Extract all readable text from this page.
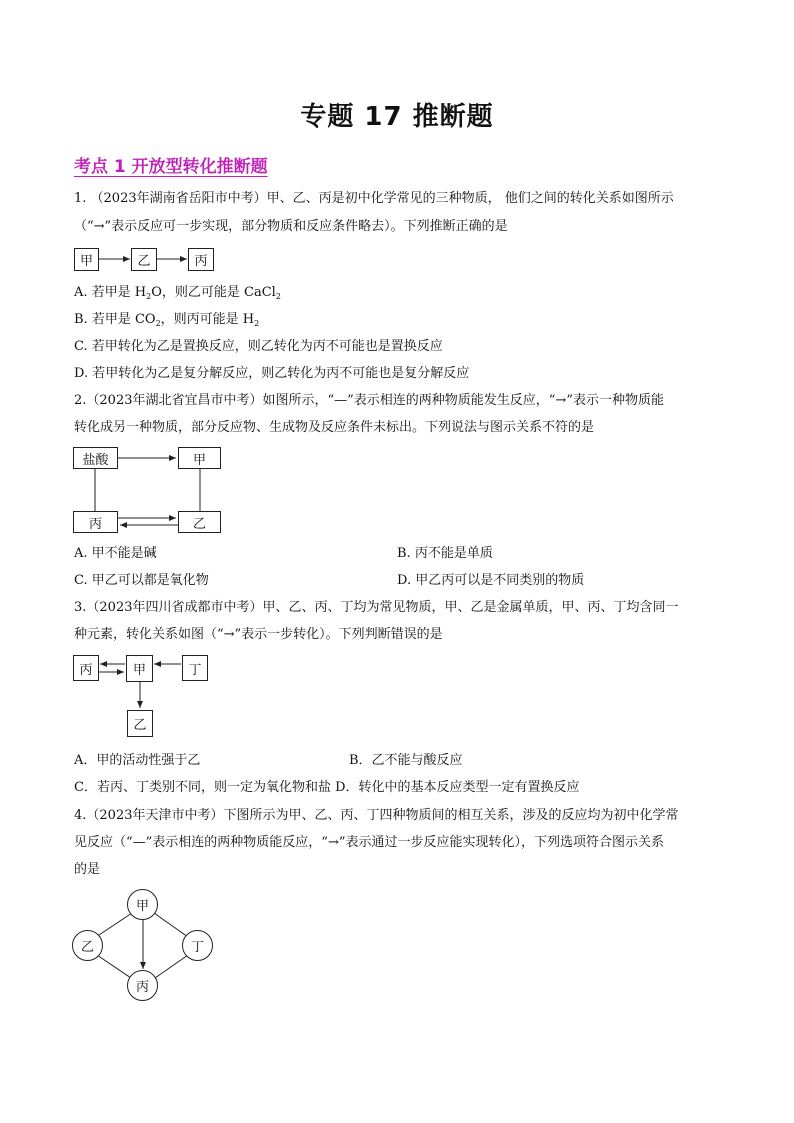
专题 17 推断题
考点 1 开放型转化推断题
1. （2023年湖南省岳阳市中考）甲、乙、丙是初中化学常见的三种物质， 他们之间的转化关系如图所示
（“→”表示反应可一步实现，部分物质和反应条件略去）。下列推断正确的是
甲	乙	丙
A. 若甲是 $H_2O$，则乙可能是 CaCl$_2$
B. 若甲是 $CO_2$，则丙可能是 $H_2$
C. 若甲转化为乙是置换反应，则乙转化为丙不可能也是置换反应
D. 若甲转化为乙是复分解反应，则乙转化为丙不可能也是复分解反应
2.（2023年湖北省宜昌市中考）如图所示，“—”表示相连的两种物质能发生反应，“→”表示一种物质能
转化成另一种物质，部分反应物、生成物及反应条件未标出。下列说法与图示关系不符的是
盐酸	甲
丙	乙
A. 甲不能是碱	B. 丙不能是单质
C. 甲乙可以都是氧化物	D. 甲乙丙可以是不同类别的物质
3.（2023年四川省成都市中考）甲、乙、丙、丁均为常见物质，甲、乙是金属单质，甲、丙、丁均含同一
种元素，转化关系如图（“→”表示一步转化）。下列判断错误的是
丙	甲	丁
乙
A．甲的活动性强于乙	B．乙不能与酸反应
C．若丙、丁类别不同，则一定为氧化物和盐 D．转化中的基本反应类型一定有置换反应
4.（2023年天津市中考）下图所示为甲、乙、丙、丁四种物质间的相互关系，涉及的反应均为初中化学常
见反应（“—”表示相连的两种物质能反应，“→”表示通过一步反应能实现转化），下列选项符合图示关系
的是
甲
乙	丁
丙
